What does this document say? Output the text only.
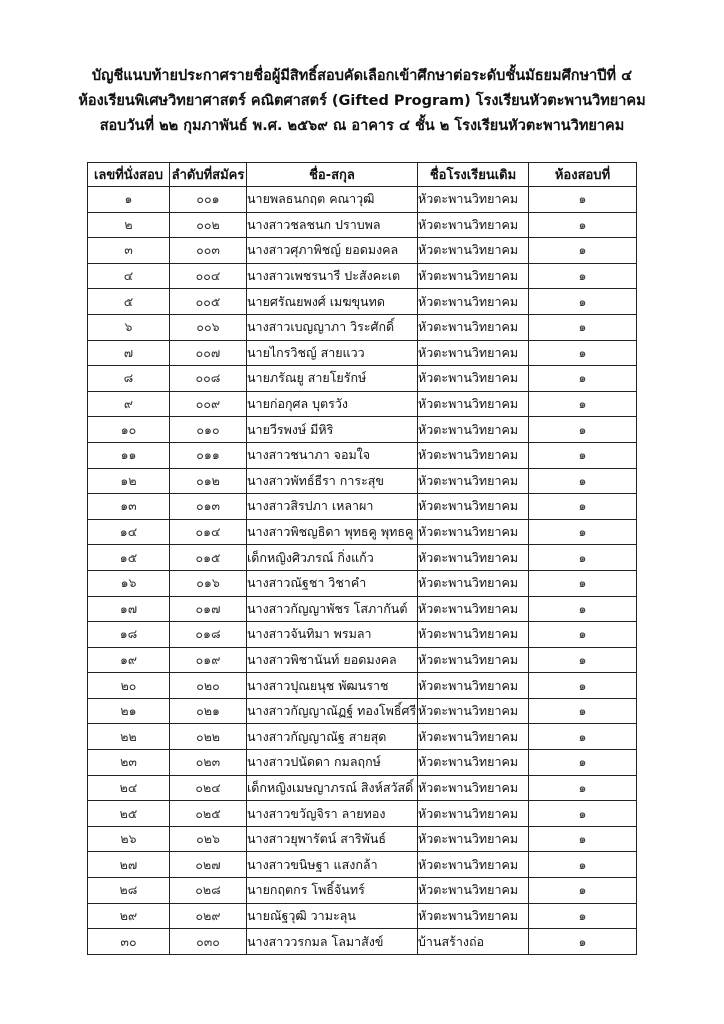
บัญชีแนบท้ายประกาศรายชื่อผู้มีสิทธิ์สอบคัดเลือกเข้าศึกษาต่อระดับชั้นมัธยมศึกษาปีที่ ๔
ห้องเรียนพิเศษวิทยาศาสตร์ คณิตศาสตร์ (Gifted Program) โรงเรียนหัวตะพานวิทยาคม
สอบวันที่ ๒๒ กุมภาพันธ์ พ.ศ. ๒๕๖๙ ณ อาคาร ๔ ชั้น ๒ โรงเรียนหัวตะพานวิทยาคม
เลขที่นั่งสอบ	ลำดับที่สมัคร	ชื่อ-สกุล	ชื่อโรงเรียนเดิม	ห้องสอบที่
๑	๐๐๑	นายพลธนกฤต คณาวุฒิ	หัวตะพานวิทยาคม	๑
๒	๐๐๒	นางสาวชลชนก ปราบพล	หัวตะพานวิทยาคม	๑
๓	๐๐๓	นางสาวศุภาพิชญ์ ยอดมงคล	หัวตะพานวิทยาคม	๑
๔	๐๐๔	นางสาวเพชรนารี ปะสังคะเต	หัวตะพานวิทยาคม	๑
๕	๐๐๕	นายศรัณยพงศ์ เมฆขุนทด	หัวตะพานวิทยาคม	๑
๖	๐๐๖	นางสาวเบญญาภา วิระศักดิ์	หัวตะพานวิทยาคม	๑
๗	๐๐๗	นายไกรวิชญ์ สายแวว	หัวตะพานวิทยาคม	๑
๘	๐๐๘	นายภรัณยู สายโยรักษ์	หัวตะพานวิทยาคม	๑
๙	๐๐๙	นายก่อกุศล บุตรวัง	หัวตะพานวิทยาคม	๑
๑๐	๐๑๐	นายวีรพงษ์ มีหิริ	หัวตะพานวิทยาคม	๑
๑๑	๐๑๑	นางสาวชนาภา จอมใจ	หัวตะพานวิทยาคม	๑
๑๒	๐๑๒	นางสาวพัทธ์ธีรา การะสุข	หัวตะพานวิทยาคม	๑
๑๓	๐๑๓	นางสาวสิรปภา เหลาผา	หัวตะพานวิทยาคม	๑
๑๔	๐๑๔	นางสาวพิชญธิดา พุทธคู พุทธคู	หัวตะพานวิทยาคม	๑
๑๕	๐๑๕	เด็กหญิงศิวภรณ์ กิ่งแก้ว	หัวตะพานวิทยาคม	๑
๑๖	๐๑๖	นางสาวณัฐชา วิชาคำ	หัวตะพานวิทยาคม	๑
๑๗	๐๑๗	นางสาวกัญญาพัชร โสภากันต์	หัวตะพานวิทยาคม	๑
๑๘	๐๑๘	นางสาวจันทิมา พรมลา	หัวตะพานวิทยาคม	๑
๑๙	๐๑๙	นางสาวพิชานันท์ ยอดมงคล	หัวตะพานวิทยาคม	๑
๒๐	๐๒๐	นางสาวปุณยนุช พัฒนราช	หัวตะพานวิทยาคม	๑
๒๑	๐๒๑	นางสาวกัญญาณัฏฐ์ ทองโพธิ์ศรี	หัวตะพานวิทยาคม	๑
๒๒	๐๒๒	นางสาวกัญญาณัฐ สายสุด	หัวตะพานวิทยาคม	๑
๒๓	๐๒๓	นางสาวปนัดดา กมลฤกษ์	หัวตะพานวิทยาคม	๑
๒๔	๐๒๔	เด็กหญิงเมษญาภรณ์ สิงห์สวัสดิ์	หัวตะพานวิทยาคม	๑
๒๕	๐๒๕	นางสาวขวัญจิรา ลายทอง	หัวตะพานวิทยาคม	๑
๒๖	๐๒๖	นางสาวยุพารัตน์ สาริพันธ์	หัวตะพานวิทยาคม	๑
๒๗	๐๒๗	นางสาวขนิษฐา แสงกล้า	หัวตะพานวิทยาคม	๑
๒๘	๐๒๘	นายกฤตกร โพธิ์จันทร์	หัวตะพานวิทยาคม	๑
๒๙	๐๒๙	นายณัฐวุฒิ วามะลุน	หัวตะพานวิทยาคม	๑
๓๐	๐๓๐	นางสาววรกมล โลมาสังข์	บ้านสร้างถ่อ	๑
